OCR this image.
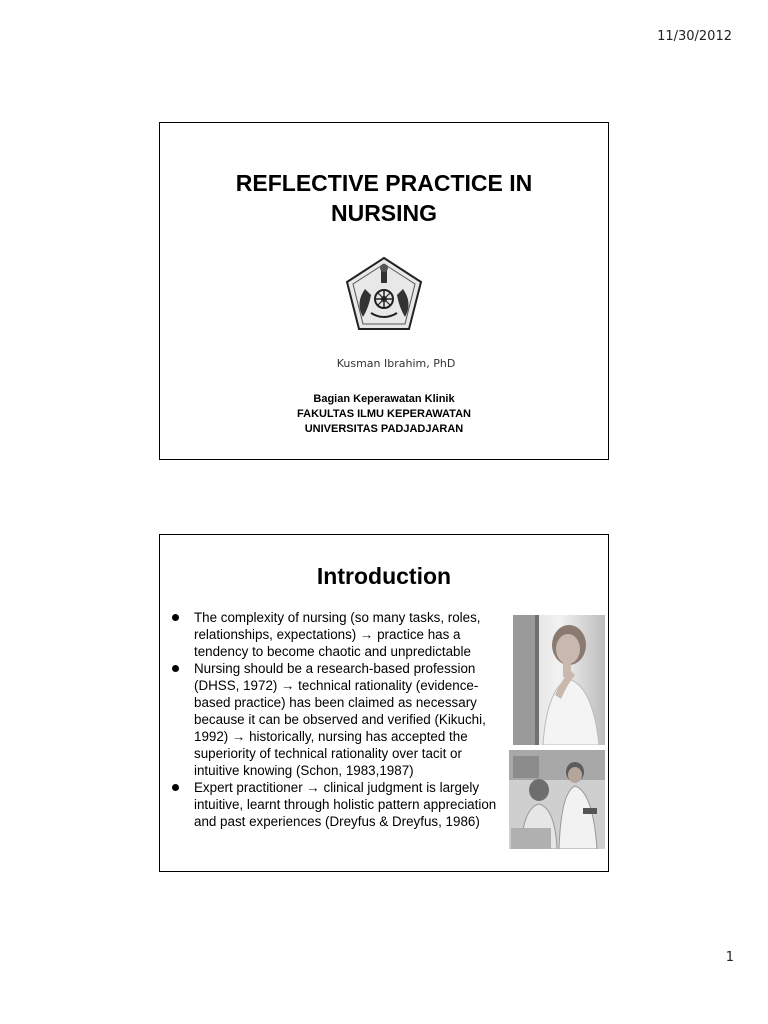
11/30/2012
REFLECTIVE PRACTICE IN
NURSING
Kusman Ibrahim, PhD
Bagian Keperawatan Klinik
FAKULTAS ILMU KEPERAWATAN
UNIVERSITAS PADJADJARAN
Introduction
The complexity of nursing (so many tasks, roles, relationships, expectations) → practice has a tendency to become chaotic and unpredictable
Nursing should be a research-based profession (DHSS, 1972) → technical rationality (evidence-based practice) has been claimed as necessary because it can be observed and verified (Kikuchi, 1992) → historically, nursing has accepted the superiority of technical rationality over tacit or intuitive knowing (Schon, 1983,1987)
Expert practitioner → clinical judgment is largely intuitive, learnt through holistic pattern appreciation and past experiences (Dreyfus & Dreyfus, 1986)
1
